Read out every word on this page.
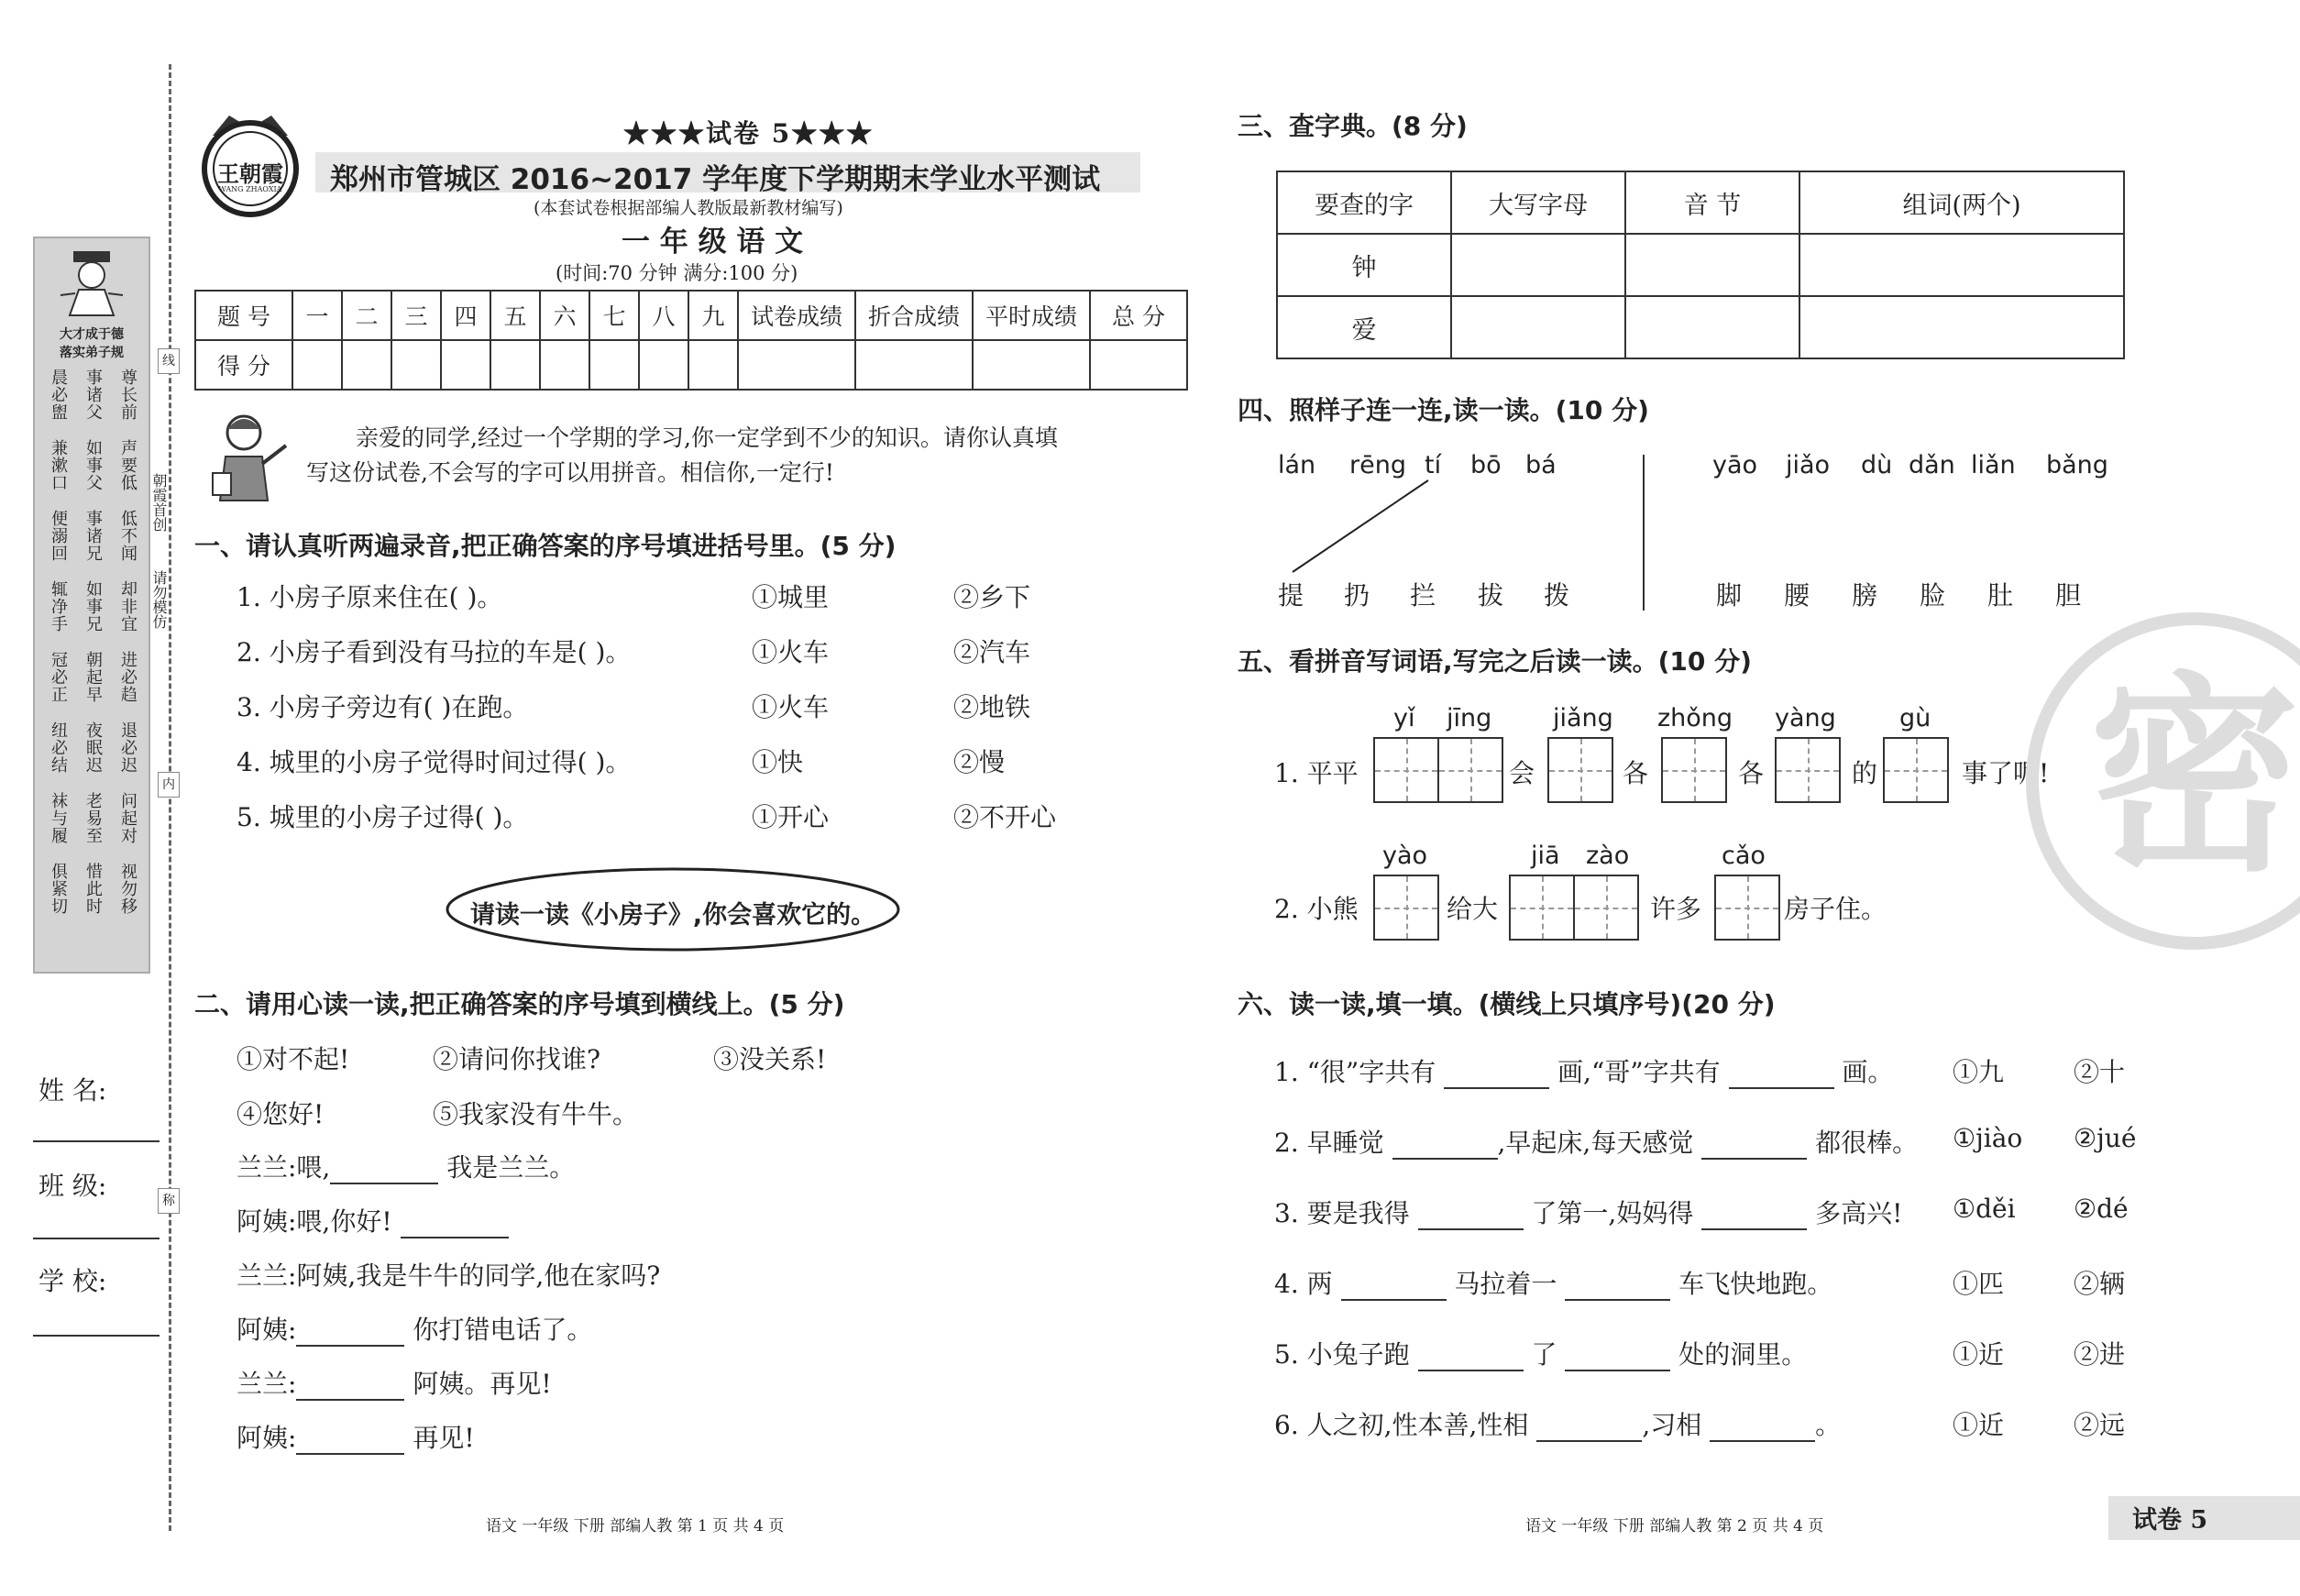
大才成于德
落实弟子规
晨必盥 事诸父 尊长前
兼漱口 如事父 声要低
便溺回 事诸兄 低不闻
辄净手 如事兄 却非宜
冠必正 朝起早 进必趋
纽必结 夜眠迟 退必迟
袜与履 老易至 问起对
俱紧切 惜此时 视勿移
朝霞首创
请勿模仿
线
内
称
姓 名:
班 级:
学 校:
王朝霞
WANG ZHAOXIA
★★★试卷 5★★★
郑州市管城区 2016~2017 学年度下学期期末学业水平测试
(本套试卷根据部编人教版最新教材编写)
一 年 级 语 文
(时间:70 分钟 满分:100 分)
题 号	一	二	三	四	五	六	七	八	九	试卷成绩	折合成绩	平时成绩	总 分
得 分													
亲爱的同学,经过一个学期的学习,你一定学到不少的知识。请你认真填
写这份试卷,不会写的字可以用拼音。相信你,一定行!
一、请认真听两遍录音,把正确答案的序号填进括号里。(5 分)
1. 小房子原来住在( )。	①城里	②乡下
2. 小房子看到没有马拉的车是( )。	①火车	②汽车
3. 小房子旁边有( )在跑。	①火车	②地铁
4. 城里的小房子觉得时间过得( )。	①快	②慢
5. 城里的小房子过得( )。	①开心	②不开心
请读一读《小房子》,你会喜欢它的。
二、请用心读一读,把正确答案的序号填到横线上。(5 分)
①对不起!	②请问你找谁?	③没关系!
④您好!	⑤我家没有牛牛。
兰兰:喂,	我是兰兰。
阿姨:喂,你好!
兰兰:阿姨,我是牛牛的同学,他在家吗?
阿姨:	你打错电话了。
兰兰:	阿姨。再见!
阿姨:	再见!
三、查字典。(8 分)
要查的字	大写字母	音 节	组词(两个)
钟			
爱			
四、照样子连一连,读一读。(10 分)
lán rēng tí bō bá
提 扔 拦 拔 拨
yāo jiǎo dù dǎn liǎn bǎng
脚 腰 膀 脸 肚 胆
五、看拼音写词语,写完之后读一读。(10 分)
yǐ jīng jiǎng zhǒng yàng	gù
1. 平平	会	各	各	的	事了呢!
yào	jiā zào	cǎo
2. 小熊	给大	许多	房子住。
六、读一读,填一填。(横线上只填序号)(20 分)
1. “很”字共有	画,“哥”字共有	画。 ①九	②十
2. 早睡觉	,早起床,每天感觉	都很棒。 ①jiào ②jué
3. 要是我得	了第一,妈妈得	多高兴! ①děi ②dé
4. 两	马拉着一	车飞快地跑。	①匹	②辆
5. 小兔子跑	了	处的洞里。	①近	②进
6. 人之初,性本善,性相	,习相	。	①近	②远
密
语文 一年级 下册 部编人教 第 1 页 共 4 页	语文 一年级 下册 部编人教 第 2 页 共 4 页	试卷 5
